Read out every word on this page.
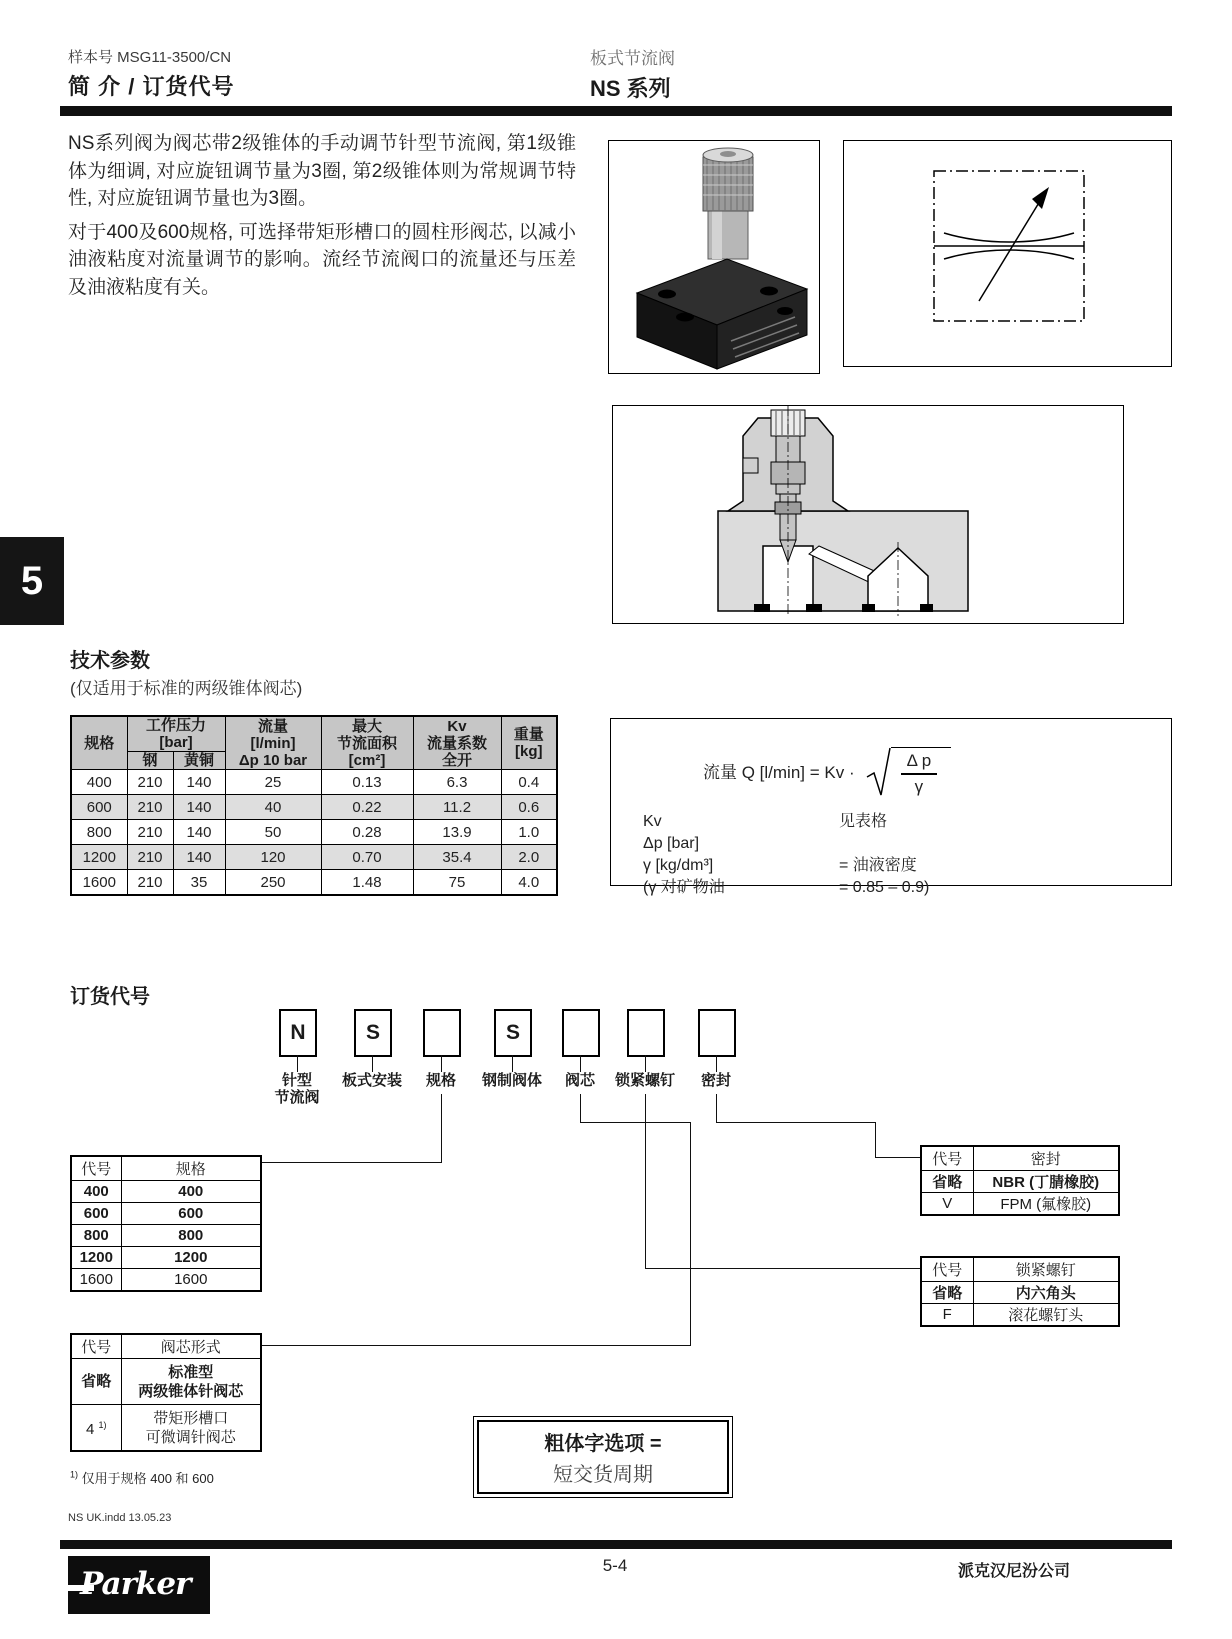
样本号 MSG11-3500/CN
简 介 / 订货代号
板式节流阀
NS 系列

NS系列阀为阀芯带2级锥体的手动调节针型节流阀, 第1级锥体为细调, 对应旋钮调节量为3圈, 第2级锥体则为常规调节特性, 对应旋钮调节量也为3圈。

对于400及600规格, 可选择带矩形槽口的圆柱形阀芯, 以减小油液粘度对流量调节的影响。流经节流阀口的流量还与压差及油液粘度有关。

5
技术参数
(仅适用于标准的两级锥体阀芯)
规格	工作压力[bar]	
流量
[l/min]
Δp 10 bar

最大
节流面积
[cm²]

Kv
流量系数
全开

重量
[kg]

	钢	黄铜				
400	210	140	25	0.13	6.3	0.4
600	210	140	40	0.22	11.2	0.6
800	210	140	50	0.28	13.9	1.0
1200	210	140	120	0.70	35.4	2.0
1600	210	35	250	1.48	75	4.0
流量 Q [l/min] = Kv ·	$\frac{\text{Δ p}}{\gamma}$
Kv	见表格
Δp [bar]
γ [kg/dm³]	= 油液密度
(γ 对矿物油	= 0.85 – 0.9)
订货代号
N	S	S
针型
节流阀
板式安装	规格	钢制阀体	阀芯	锁紧螺钉	密封
代号	规格
400	400
600	600
800	800
1200	1200
1600	1600
代号	阀芯形式
省略	标准型
两级锥体针阀芯

4 $^{1)}$	带矩形槽口
可微调针阀芯
代号	密封
省略	NBR (丁腈橡胶)
V	FPM (氟橡胶)
代号	锁紧螺钉
省略	内六角头
F	滚花螺钉头
粗体字选项 =
短交货周期
$^{1)}$ 仅用于规格 400 和 600
NS UK.indd 13.05.23
5-4	派克汉尼汾公司
Parker
